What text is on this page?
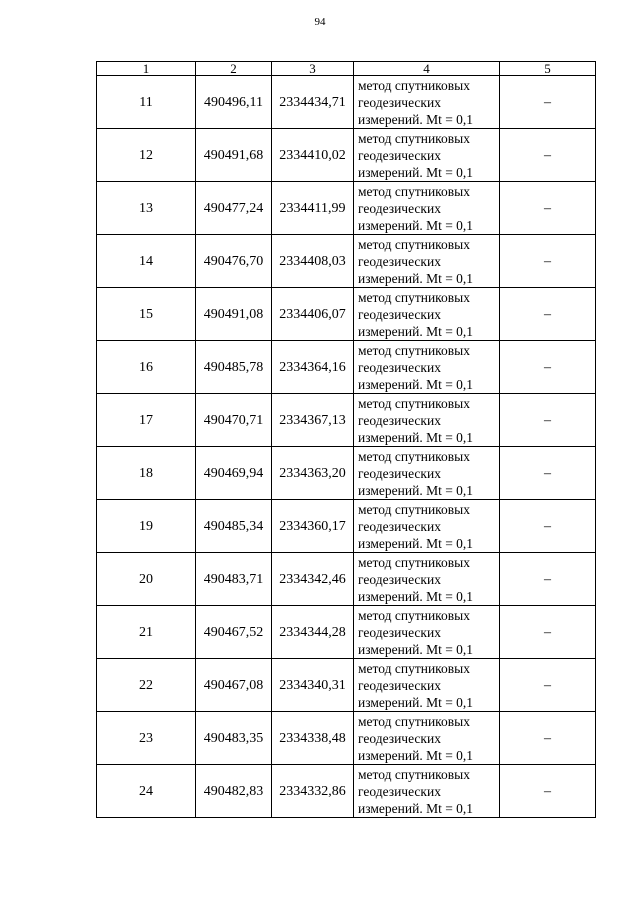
94
1	2	3	4	5
11	490496,11	2334434,71	метод спутниковых
геодезических
измерений. Mt = 0,1	–
12	490491,68	2334410,02	метод спутниковых
геодезических
измерений. Mt = 0,1	–
13	490477,24	2334411,99	метод спутниковых
геодезических
измерений. Mt = 0,1	–
14	490476,70	2334408,03	метод спутниковых
геодезических
измерений. Mt = 0,1	–
15	490491,08	2334406,07	метод спутниковых
геодезических
измерений. Mt = 0,1	–
16	490485,78	2334364,16	метод спутниковых
геодезических
измерений. Mt = 0,1	–
17	490470,71	2334367,13	метод спутниковых
геодезических
измерений. Mt = 0,1	–
18	490469,94	2334363,20	метод спутниковых
геодезических
измерений. Mt = 0,1	–
19	490485,34	2334360,17	метод спутниковых
геодезических
измерений. Mt = 0,1	–
20	490483,71	2334342,46	метод спутниковых
геодезических
измерений. Mt = 0,1	–
21	490467,52	2334344,28	метод спутниковых
геодезических
измерений. Mt = 0,1	–
22	490467,08	2334340,31	метод спутниковых
геодезических
измерений. Mt = 0,1	–
23	490483,35	2334338,48	метод спутниковых
геодезических
измерений. Mt = 0,1	–
24	490482,83	2334332,86	метод спутниковых
геодезических
измерений. Mt = 0,1	–
